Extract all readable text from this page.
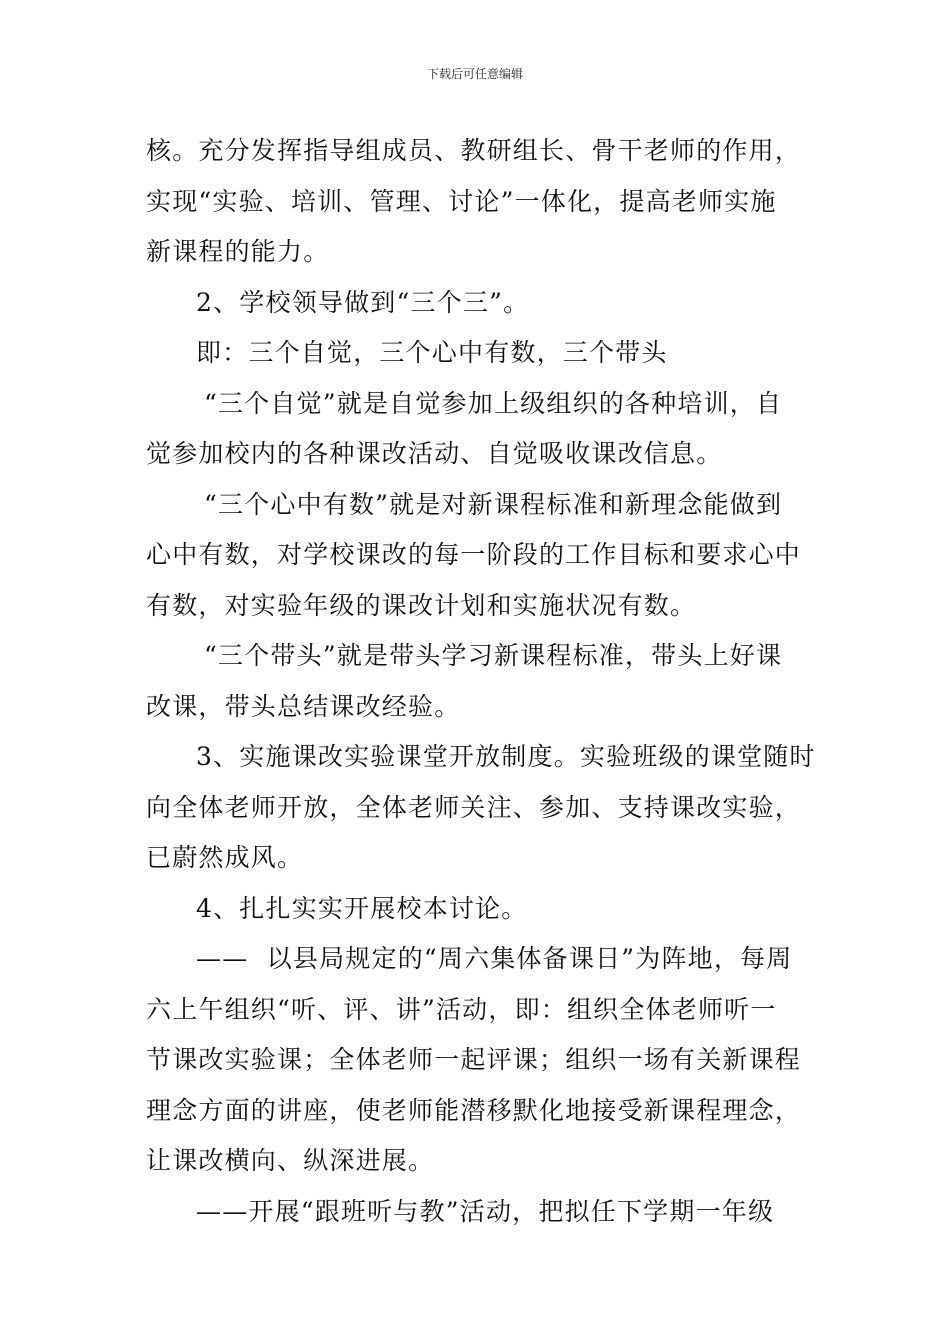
下载后可任意编辑
核。充分发挥指导组成员、教研组长、骨干老师的作用，
实现“实验、培训、管理、讨论”一体化，提高老师实施
新课程的能力。
2、学校领导做到“三个三”。
即：三个自觉，三个心中有数，三个带头
“三个自觉”就是自觉参加上级组织的各种培训，自
觉参加校内的各种课改活动、自觉吸收课改信息。
“三个心中有数”就是对新课程标准和新理念能做到
心中有数，对学校课改的每一阶段的工作目标和要求心中
有数，对实验年级的课改计划和实施状况有数。
“三个带头”就是带头学习新课程标准，带头上好课
改课，带头总结课改经验。
3、实施课改实验课堂开放制度。实验班级的课堂随时
向全体老师开放，全体老师关注、参加、支持课改实验，
已蔚然成风。
4、扎扎实实开展校本讨论。
——  以县局规定的“周六集体备课日”为阵地，每周
六上午组织“听、评、讲”活动，即：组织全体老师听一
节课改实验课；全体老师一起评课；组织一场有关新课程
理念方面的讲座，使老师能潜移默化地接受新课程理念，
让课改横向、纵深进展。
——开展“跟班听与教”活动，把拟任下学期一年级
